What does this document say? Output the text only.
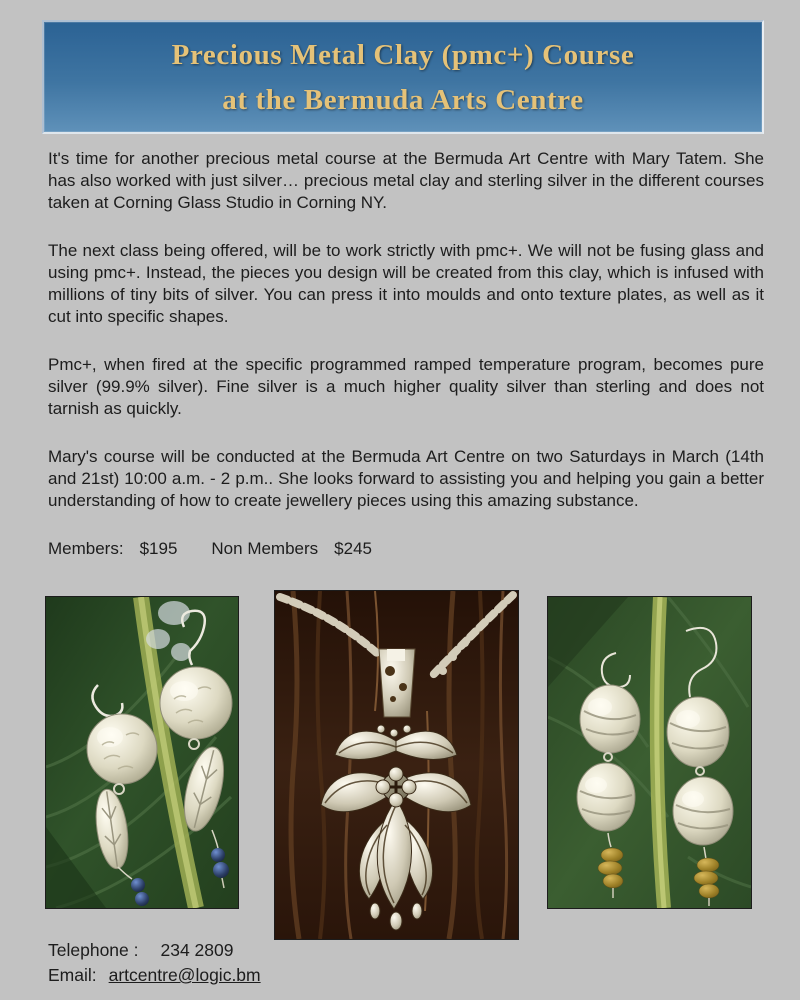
Precious Metal Clay (pmc+) Course
at the Bermuda Arts Centre

It's time for another precious metal course at the Bermuda Art Centre with Mary Tatem. She has also worked with just silver… precious metal clay and sterling silver in the different courses taken at Corning Glass Studio in Corning NY.

The next class being offered, will be to work strictly with pmc+. We will not be fusing glass and using pmc+. Instead, the pieces you design will be created from this clay, which is infused with millions of tiny bits of silver. You can press it into moulds and onto texture plates, as well as it cut into specific shapes.

Pmc+, when fired at the specific programmed ramped temperature program, becomes pure silver (99.9% silver). Fine silver is a much higher quality silver than sterling and does not tarnish as quickly.

Mary's course will be conducted at the Bermuda Art Centre on two Saturdays in March (14th and 21st) 10:00 a.m. - 2 p.m.. She looks forward to assisting you and helping you gain a better understanding of how to create jewellery pieces using this amazing substance.

Members: $195 Non Members $245

Telephone : 234 2809
Email: artcentre@logic.bm
